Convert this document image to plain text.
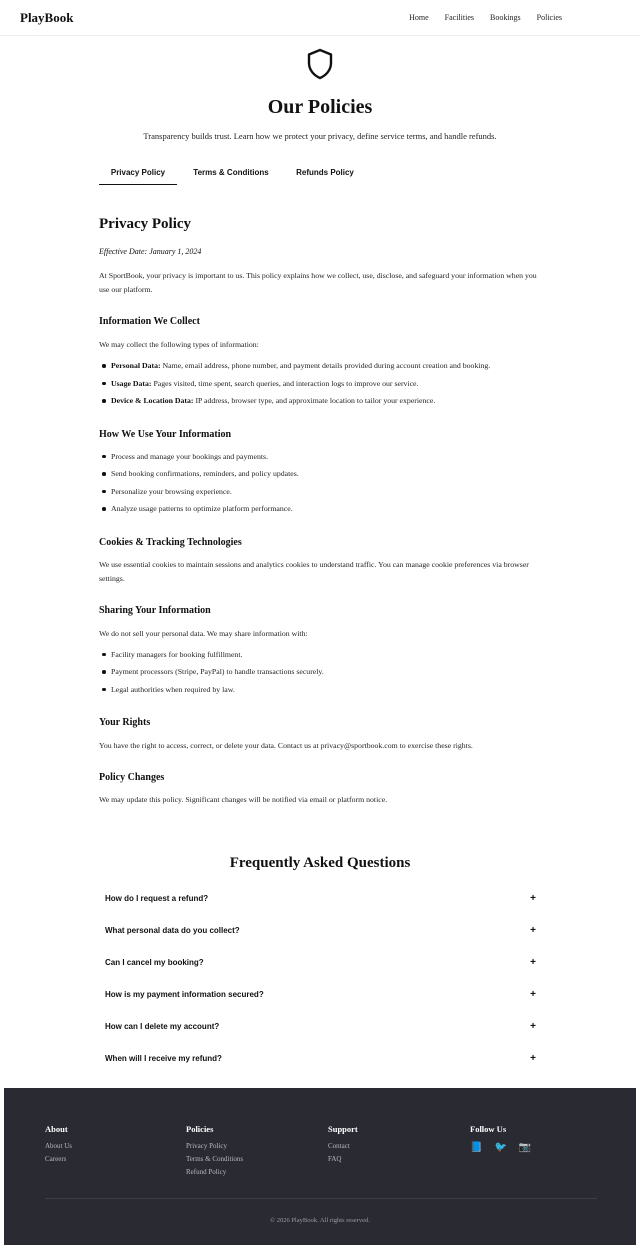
PlayBook	Home Facilities Bookings Policies
Our Policies
Transparency builds trust. Learn how we protect your privacy, define service terms, and handle refunds.
Privacy Policy	Terms & Conditions	Refunds Policy
Privacy Policy
Effective Date: January 1, 2024
At SportBook, your privacy is important to us. This policy explains how we collect, use, disclose, and safeguard your information when you use our platform.
Information We Collect
We may collect the following types of information:
Personal Data: Name, email address, phone number, and payment details provided during account creation and booking.
Usage Data: Pages visited, time spent, search queries, and interaction logs to improve our service.
Device & Location Data: IP address, browser type, and approximate location to tailor your experience.
How We Use Your Information
Process and manage your bookings and payments.
Send booking confirmations, reminders, and policy updates.
Personalize your browsing experience.
Analyze usage patterns to optimize platform performance.
Cookies & Tracking Technologies
We use essential cookies to maintain sessions and analytics cookies to understand traffic. You can manage cookie preferences via browser settings.
Sharing Your Information
We do not sell your personal data. We may share information with:
Facility managers for booking fulfillment.
Payment processors (Stripe, PayPal) to handle transactions securely.
Legal authorities when required by law.
Your Rights
You have the right to access, correct, or delete your data. Contact us at privacy@sportbook.com to exercise these rights.
Policy Changes
We may update this policy. Significant changes will be notified via email or platform notice.
Frequently Asked Questions
How do I request a refund?	+
What personal data do you collect?	+
Can I cancel my booking?	+
How is my payment information secured?	+
How can I delete my account?	+
When will I receive my refund?	+
About
About Us
Careers
Policies
Privacy Policy
Terms & Conditions
Refund Policy
Support
Contact
FAQ
Follow Us
📘 🐦 📷
© 2026 PlayBook. All rights reserved.
